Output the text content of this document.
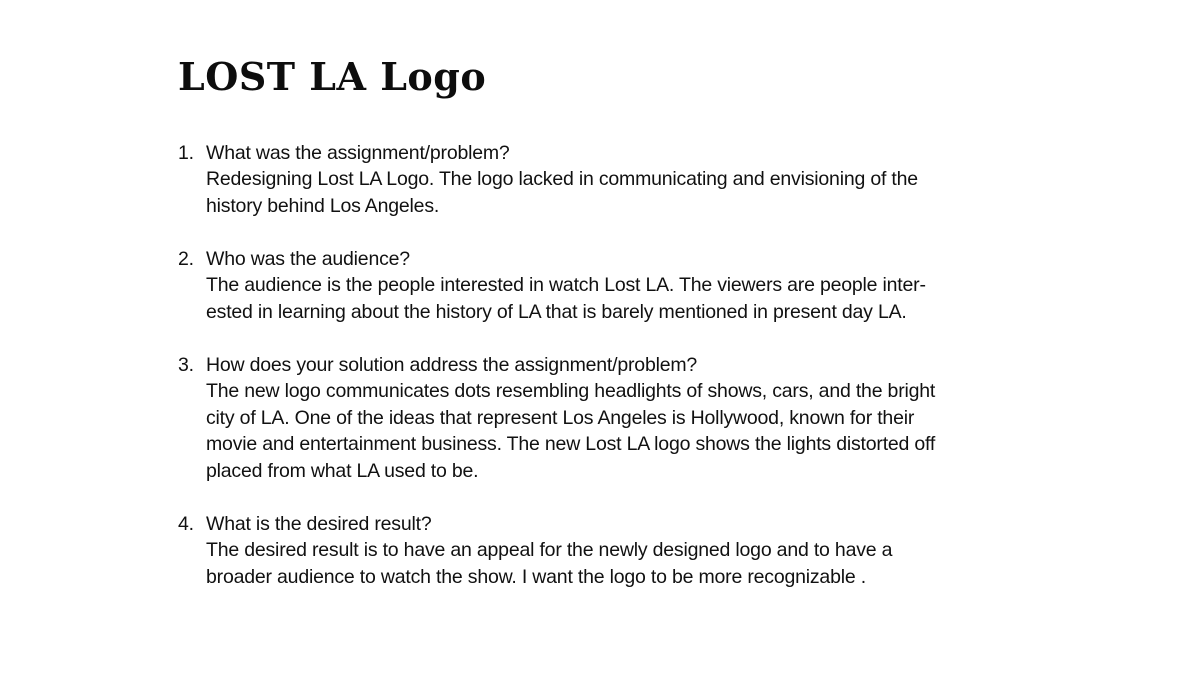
LOST LA Logo
1. What was the assignment/problem?
Redesigning Lost LA Logo. The logo lacked in communicating and envisioning of the
history behind Los Angeles.
2. Who was the audience?
The audience is the people interested in watch Lost LA. The viewers are people inter-
ested in learning about the history of LA that is barely mentioned in present day LA.
3. How does your solution address the assignment/problem?
The new logo communicates dots resembling headlights of shows, cars, and the bright
city of LA. One of the ideas that represent Los Angeles is Hollywood, known for their
movie and entertainment business. The new Lost LA logo shows the lights distorted off
placed from what LA used to be.
4. What is the desired result?
The desired result is to have an appeal for the newly designed logo and to have a
broader audience to watch the show. I want the logo to be more recognizable .
